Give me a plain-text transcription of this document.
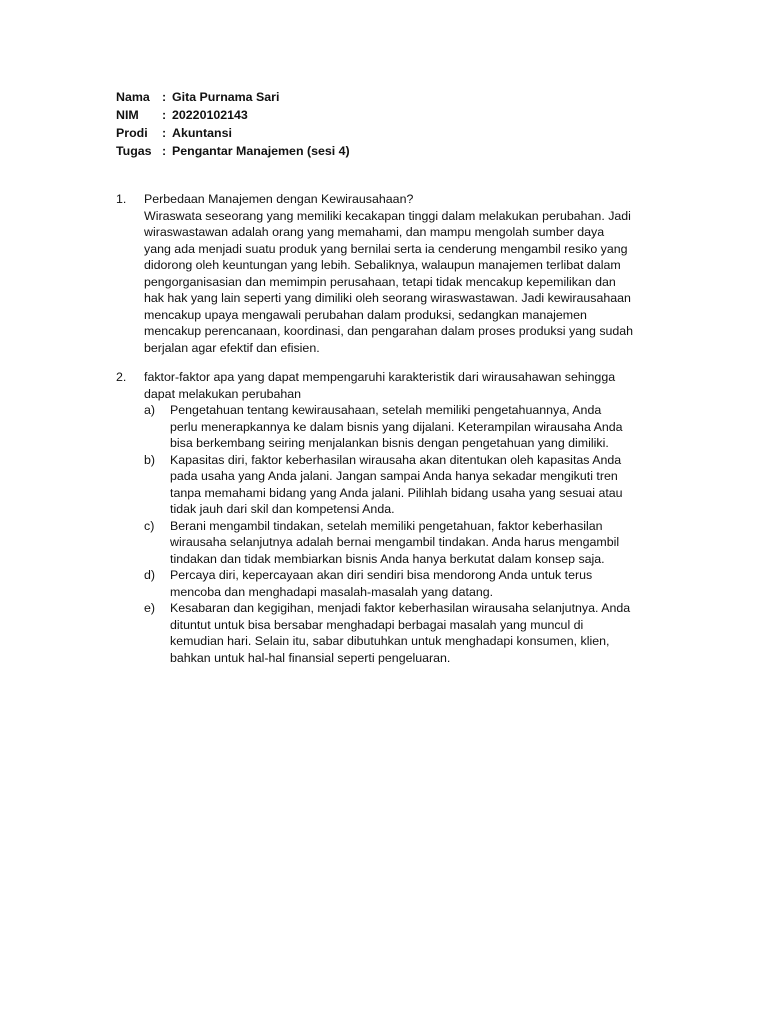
Nama : Gita Purnama Sari
NIM	: 20220102143
Prodi	: Akuntansi
Tugas : Pengantar Manajemen (sesi 4)
1. Perbedaan Manajemen dengan Kewirausahaan?
Wiraswata seseorang yang memiliki kecakapan tinggi dalam melakukan perubahan. Jadi
wiraswastawan adalah orang yang memahami, dan mampu mengolah sumber daya
yang ada menjadi suatu produk yang bernilai serta ia cenderung mengambil resiko yang
didorong oleh keuntungan yang lebih. Sebaliknya, walaupun manajemen terlibat dalam
pengorganisasian dan memimpin perusahaan, tetapi tidak mencakup kepemilikan dan
hak hak yang lain seperti yang dimiliki oleh seorang wiraswastawan. Jadi kewirausahaan
mencakup upaya mengawali perubahan dalam produksi, sedangkan manajemen
mencakup perencanaan, koordinasi, dan pengarahan dalam proses produksi yang sudah
berjalan agar efektif dan efisien.
2. faktor-faktor apa yang dapat mempengaruhi karakteristik dari wirausahawan sehingga
dapat melakukan perubahan
a) Pengetahuan tentang kewirausahaan, setelah memiliki pengetahuannya, Anda
perlu menerapkannya ke dalam bisnis yang dijalani. Keterampilan wirausaha Anda
bisa berkembang seiring menjalankan bisnis dengan pengetahuan yang dimiliki.
b) Kapasitas diri, faktor keberhasilan wirausaha akan ditentukan oleh kapasitas Anda
pada usaha yang Anda jalani. Jangan sampai Anda hanya sekadar mengikuti tren
tanpa memahami bidang yang Anda jalani. Pilihlah bidang usaha yang sesuai atau
tidak jauh dari skil dan kompetensi Anda.
c) Berani mengambil tindakan, setelah memiliki pengetahuan, faktor keberhasilan
wirausaha selanjutnya adalah bernai mengambil tindakan. Anda harus mengambil
tindakan dan tidak membiarkan bisnis Anda hanya berkutat dalam konsep saja.
d) Percaya diri, kepercayaan akan diri sendiri bisa mendorong Anda untuk terus
mencoba dan menghadapi masalah-masalah yang datang.
e) Kesabaran dan kegigihan, menjadi faktor keberhasilan wirausaha selanjutnya. Anda
dituntut untuk bisa bersabar menghadapi berbagai masalah yang muncul di
kemudian hari. Selain itu, sabar dibutuhkan untuk menghadapi konsumen, klien,
bahkan untuk hal-hal finansial seperti pengeluaran.
